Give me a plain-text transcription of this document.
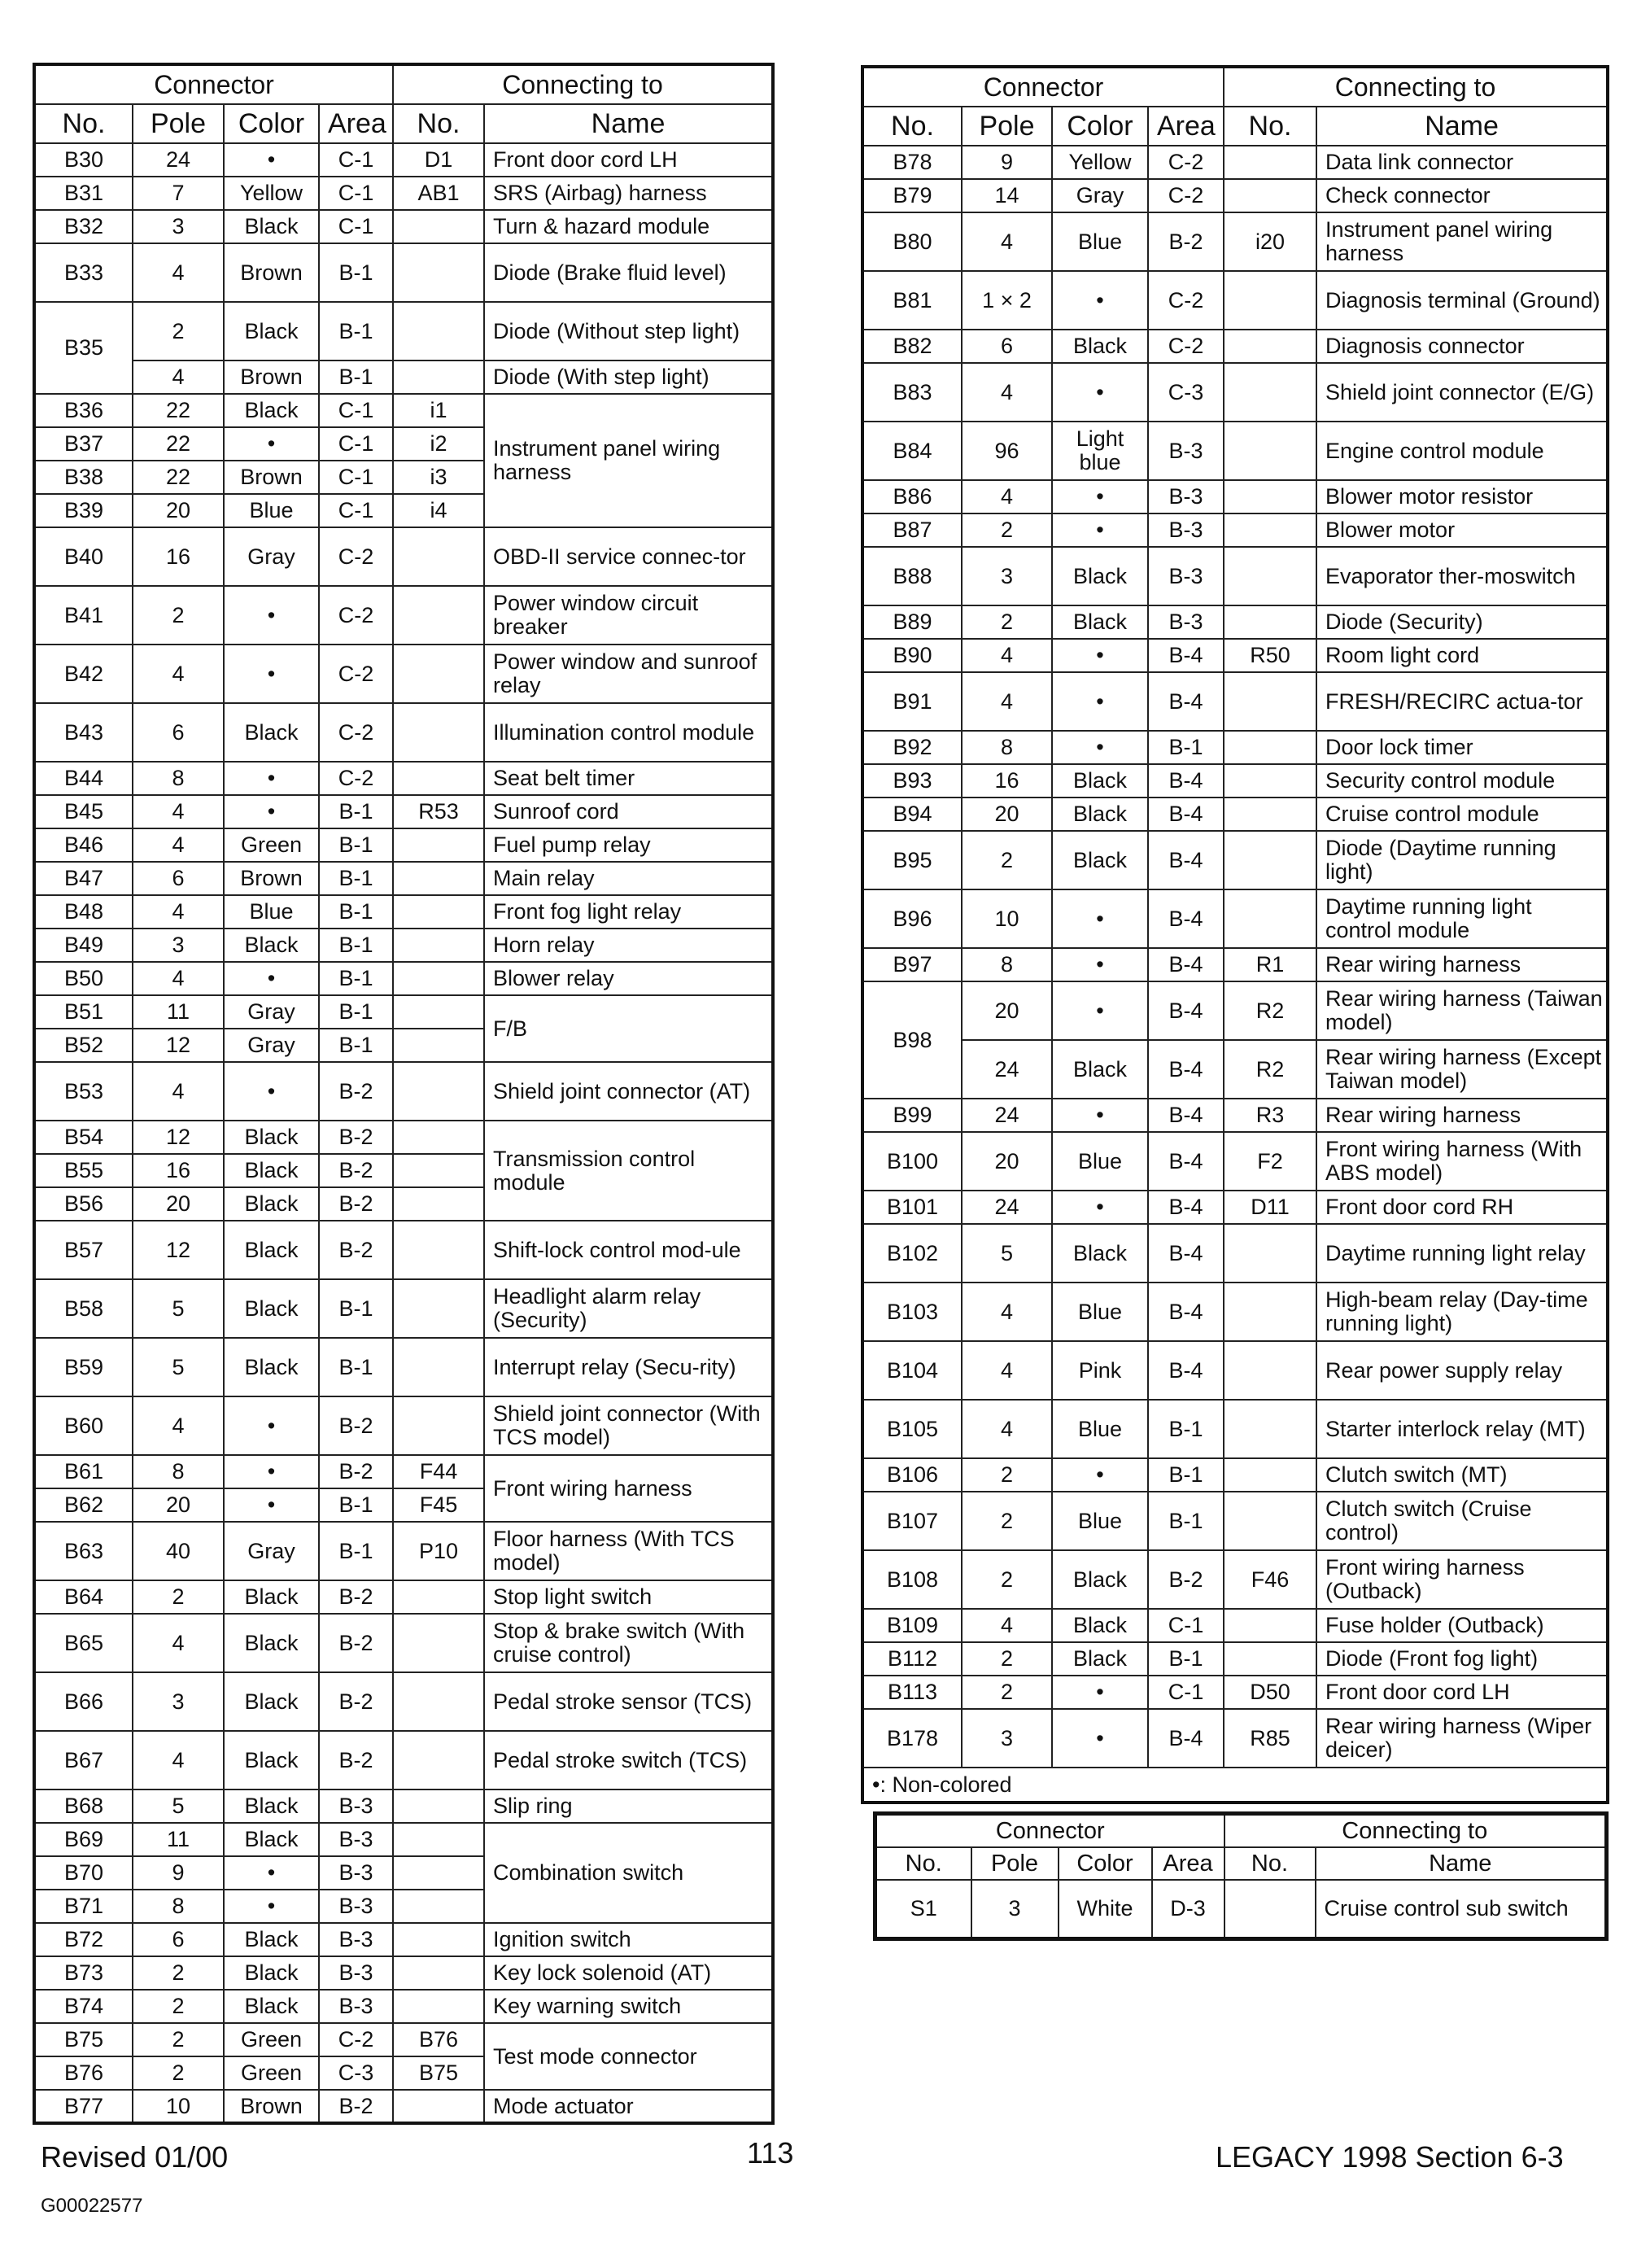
Connector				Connecting to	
No.	Pole	Color	Area	No.	Name
B30	24	•	C-1	D1	Front door cord LH
B31	7	Yellow	C-1	AB1	SRS (Airbag) harness
B32	3	Black	C-1		Turn & hazard module
B33	4	Brown	B-1		Diode (Brake fluid level)
B35	2	Black	B-1		Diode (Without step light)
	4	Brown	B-1		Diode (With step light)
B36	22	Black	C-1	i1	Instrument panel wiring harness
B37	22	•	C-1	i2	
B38	22	Brown	C-1	i3	
B39	20	Blue	C-1	i4	
B40	16	Gray	C-2		OBD-II service connec-tor
B41	2	•	C-2		Power window circuit breaker
B42	4	•	C-2		Power window and sunroof relay
B43	6	Black	C-2		Illumination control module
B44	8	•	C-2		Seat belt timer
B45	4	•	B-1	R53	Sunroof cord
B46	4	Green	B-1		Fuel pump relay
B47	6	Brown	B-1		Main relay
B48	4	Blue	B-1		Front fog light relay
B49	3	Black	B-1		Horn relay
B50	4	•	B-1		Blower relay
B51	11	Gray	B-1		F/B
B52	12	Gray	B-1		
B53	4	•	B-2		Shield joint connector (AT)
B54	12	Black	B-2		Transmission control module
B55	16	Black	B-2		
B56	20	Black	B-2		
B57	12	Black	B-2		Shift-lock control mod-ule
B58	5	Black	B-1		Headlight alarm relay (Security)
B59	5	Black	B-1		Interrupt relay (Secu-rity)
B60	4	•	B-2		Shield joint connector (With TCS model)
B61	8	•	B-2	F44	Front wiring harness
B62	20	•	B-1	F45	
B63	40	Gray	B-1	P10	Floor harness (With TCS model)
B64	2	Black	B-2		Stop light switch
B65	4	Black	B-2		Stop & brake switch (With cruise control)
B66	3	Black	B-2		Pedal stroke sensor (TCS)
B67	4	Black	B-2		Pedal stroke switch (TCS)
B68	5	Black	B-3		Slip ring
B69	11	Black	B-3		Combination switch
B70	9	•	B-3		
B71	8	•	B-3		
B72	6	Black	B-3		Ignition switch
B73	2	Black	B-3		Key lock solenoid (AT)
B74	2	Black	B-3		Key warning switch
B75	2	Green	C-2	B76	Test mode connector
B76	2	Green	C-3	B75	
B77	10	Brown	B-2		Mode actuator
Connector				Connecting to	
No.	Pole	Color	Area	No.	Name
B78	9	Yellow	C-2		Data link connector
B79	14	Gray	C-2		Check connector
B80	4	Blue	B-2	i20	Instrument panel wiring harness
B81	1 × 2	•	C-2		Diagnosis terminal (Ground)
B82	6	Black	C-2		Diagnosis connector
B83	4	•	C-3		Shield joint connector (E/G)
B84	96	Light blue	B-3		Engine control module
B86	4	•	B-3		Blower motor resistor
B87	2	•	B-3		Blower motor
B88	3	Black	B-3		Evaporator ther-moswitch
B89	2	Black	B-3		Diode (Security)
B90	4	•	B-4	R50	Room light cord
B91	4	•	B-4		FRESH/RECIRC actua-tor
B92	8	•	B-1		Door lock timer
B93	16	Black	B-4		Security control module
B94	20	Black	B-4		Cruise control module
B95	2	Black	B-4		Diode (Daytime running light)
B96	10	•	B-4		Daytime running light control module
B97	8	•	B-4	R1	Rear wiring harness
B98	20	•	B-4	R2	Rear wiring harness (Taiwan model)
	24	Black	B-4	R2	Rear wiring harness (Except Taiwan model)
B99	24	•	B-4	R3	Rear wiring harness
B100	20	Blue	B-4	F2	Front wiring harness (With ABS model)
B101	24	•	B-4	D11	Front door cord RH
B102	5	Black	B-4		Daytime running light relay
B103	4	Blue	B-4		High-beam relay (Day-time running light)
B104	4	Pink	B-4		Rear power supply relay
B105	4	Blue	B-1		Starter interlock relay (MT)
B106	2	•	B-1		Clutch switch (MT)
B107	2	Blue	B-1		Clutch switch (Cruise control)
B108	2	Black	B-2	F46	Front wiring harness (Outback)
B109	4	Black	C-1		Fuse holder (Outback)
B112	2	Black	B-1		Diode (Front fog light)
B113	2	•	C-1	D50	Front door cord LH
B178	3	•	B-4	R85	Rear wiring harness (Wiper deicer)
•: Non-colored					
Connector				Connecting to	
No.	Pole	Color	Area	No.	Name
S1	3	White	D-3		Cruise control sub switch
Revised 01/00	113	LEGACY 1998 Section 6-3
G00022577
